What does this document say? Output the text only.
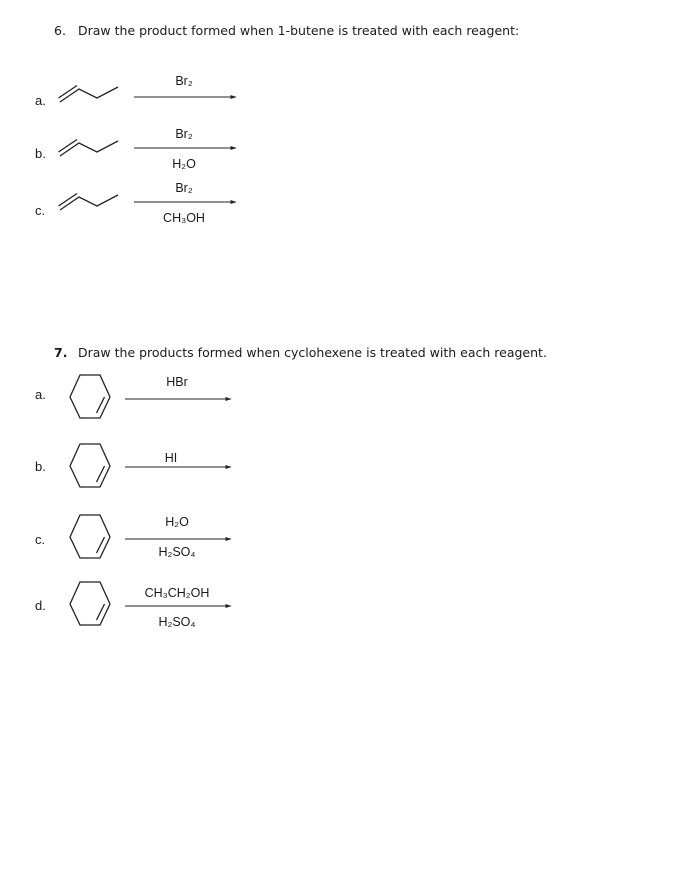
6. Draw the product formed when 1-butene is treated with each reagent:
a.
Br₂
b.
Br₂
H₂O
c.
Br₂
CH₃OH
7. Draw the products formed when cyclohexene is treated with each reagent.
a.
HBr
b.
HI
c.
H₂O
H₂SO₄
d.
CH₃CH₂OH
H₂SO₄
